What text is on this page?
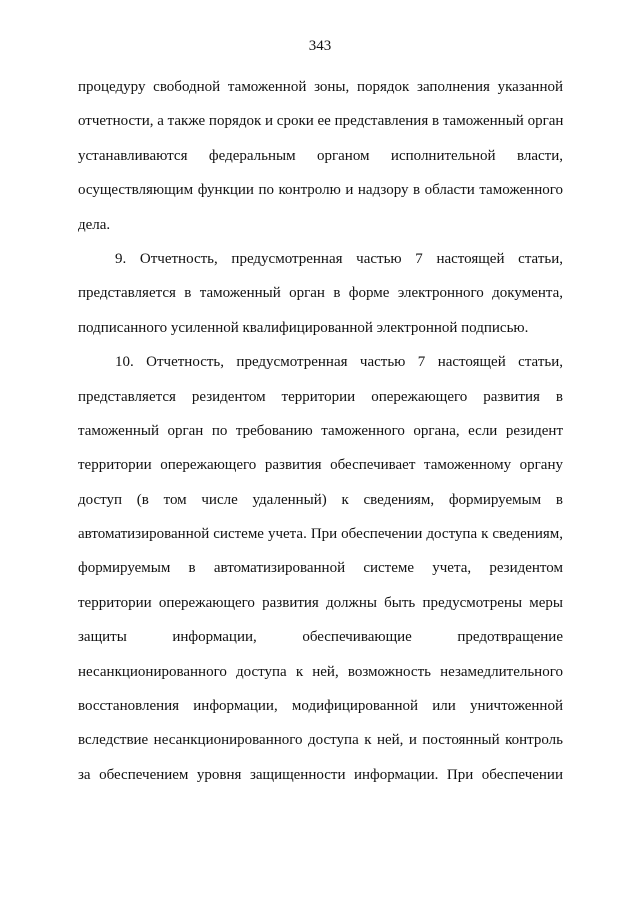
343
процедуру свободной таможенной зоны, порядок заполнения указанной
отчетности, а также порядок и сроки ее представления в таможенный орган
устанавливаются федеральным органом исполнительной власти,
осуществляющим функции по контролю и надзору в области таможенного
дела.
9. Отчетность, предусмотренная частью 7 настоящей статьи,
представляется в таможенный орган в форме электронного документа,
подписанного усиленной квалифицированной электронной подписью.
10. Отчетность, предусмотренная частью 7 настоящей статьи,
представляется резидентом территории опережающего развития в
таможенный орган по требованию таможенного органа, если резидент
территории опережающего развития обеспечивает таможенному органу
доступ (в том числе удаленный) к сведениям, формируемым в
автоматизированной системе учета. При обеспечении доступа к сведениям,
формируемым в автоматизированной системе учета, резидентом
территории опережающего развития должны быть предусмотрены меры
защиты информации, обеспечивающие предотвращение
несанкционированного доступа к ней, возможность незамедлительного
восстановления информации, модифицированной или уничтоженной
вследствие несанкционированного доступа к ней, и постоянный контроль
за обеспечением уровня защищенности информации. При обеспечении
